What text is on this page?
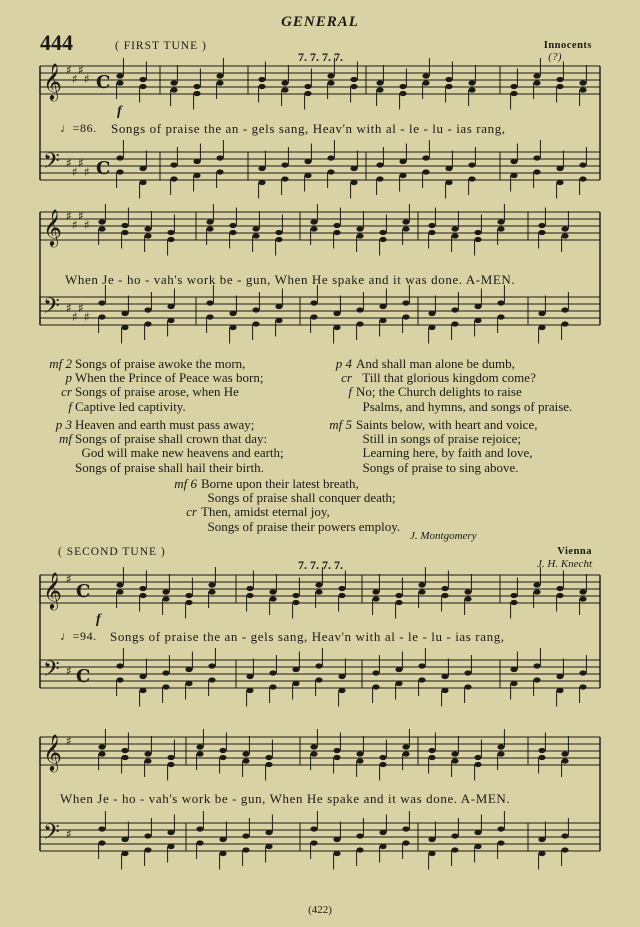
GENERAL
444	( FIRST TUNE )
7. 7. 7. 7.
Innocents
(?)
𝄞
𝄢
♯
♯
♯
♯
♯
♯
♯
♯
C
C
𝄞
𝄢
♯
♯
♯
♯
♯
♯
♯
♯
𝄞
𝄢
♯
♯
C
C
𝄞
𝄢
♯
♯
f
♩=86. Songs of praise the an - gels sang, Heav'n with al - le - lu - ias rang,
When Je - ho - vah's work be - gun, When He spake and it was done. A-MEN.
mf 2
p
cr
f
Songs of praise awoke the morn,
When the Prince of Peace was born;
Songs of praise arose, when He
Captive led captivity.
p 3
mf
Heaven and earth must pass away;
Songs of praise shall crown that day:
God will make new heavens and earth;
Songs of praise shall hail their birth.
p 4
cr
f
And shall man alone be dumb,
Till that glorious kingdom come?
No; the Church delights to raise
Psalms, and hymns, and songs of praise.
mf 5 Saints below, with heart and voice,
Still in songs of praise rejoice;
Learning here, by faith and love,
Songs of praise to sing above.
mf 6

cr
Borne upon their latest breath,
Songs of praise shall conquer death;
Then, amidst eternal joy,
Songs of praise their powers employ.
J. Montgomery
( SECOND TUNE )
7. 7. 7. 7.
Vienna
J. H. Knecht
f
♩=94. Songs of praise the an - gels sang, Heav'n with al - le - lu - ias rang,
When Je - ho - vah's work be - gun, When He spake and it was done. A-MEN.
(422)
